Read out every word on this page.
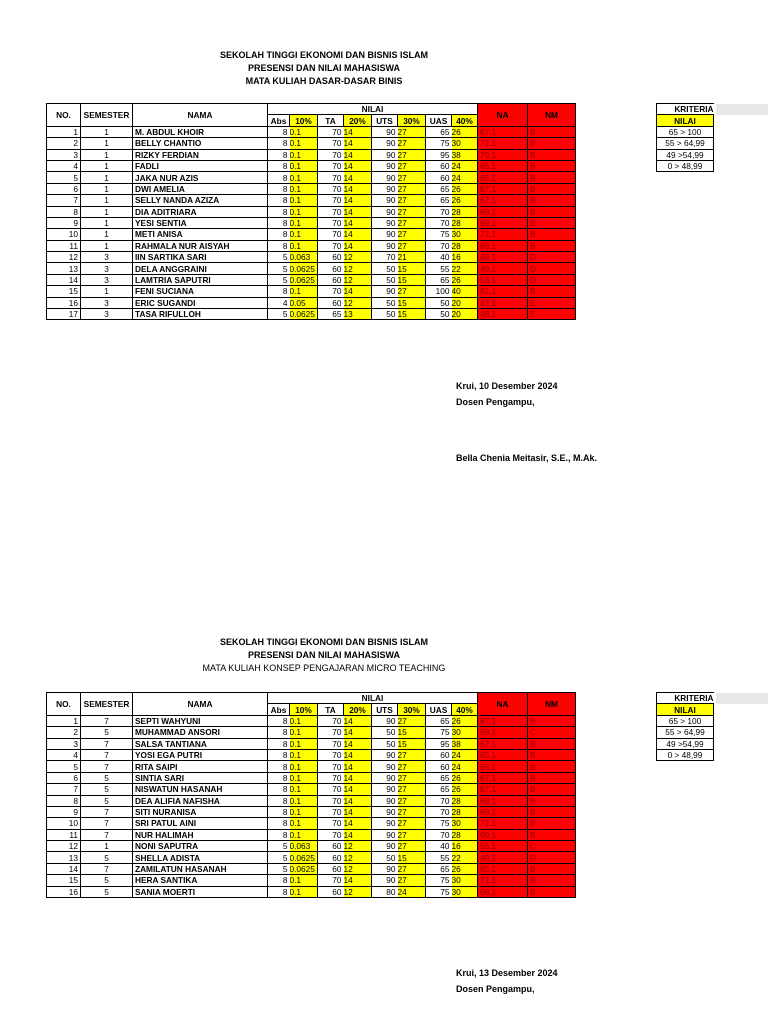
SEKOLAH TINGGI EKONOMI DAN BISNIS ISLAM
PRESENSI DAN NILAI MAHASISWA
MATA KULIAH DASAR-DASAR BINIS
NO.	SEMESTER	NAMA	NILAI								NA	NM
			Abs	10%	TA	20%	UTS	30%	UAS	40%		
1	1	M. ABDUL KHOIR	8	0.1	70	14	90	27	65	26	67.1	B
2	1	BELLY CHANTIO	8	0.1	70	14	90	27	75	30	71.1	B
3	1	RIZKY FERDIAN	8	0.1	70	14	90	27	95	38	79.1	B
4	1	FADLI	8	0.1	70	14	90	27	60	24	65.1	B
5	1	JAKA NUR AZIS	8	0.1	70	14	90	27	60	24	65.1	B
6	1	DWI AMELIA	8	0.1	70	14	90	27	65	26	67.1	B
7	1	SELLY NANDA AZIZA	8	0.1	70	14	90	27	65	26	67.1	B
8	1	DIA ADITRIARA	8	0.1	70	14	90	27	70	28	69.1	B
9	1	YESI SENTIA	8	0.1	70	14	90	27	70	28	69.1	B
10	1	METI ANISA	8	0.1	70	14	90	27	75	30	71.1	B
11	1	RAHMALA NUR AISYAH	8	0.1	70	14	90	27	70	28	69.1	B
12	3	IIN SARTIKA SARI	5	0.063	60	12	70	21	40	16	49.1	D
13	3	DELA ANGGRAINI	5	0.0625	60	12	50	15	55	22	49.1	D
14	3	LAMTRIA SAPUTRI	5	0.0625	60	12	50	15	65	26	53.1	D
15	1	FENI SUCIANA	8	0.1	70	14	90	27	100	40	81.1	B
16	3	ERIC SUGANDI	4	0.05	60	12	50	15	50	20	47.1	E
17	3	TASA RIFULLOH	5	0.0625	65	13	50	15	50	20	48.1	E
KRITERIA
NILAI
65 > 100
55 > 64,99
49 >54,99
0 > 48,99
Krui, 10 Desember 2024
Dosen Pengampu,
Bella Chenia Meitasir, S.E., M.Ak.
SEKOLAH TINGGI EKONOMI DAN BISNIS ISLAM
PRESENSI DAN NILAI MAHASISWA
MATA KULIAH KONSEP PENGAJARAN MICRO TEACHING
NO.	SEMESTER	NAMA	NILAI								NA	NM
			Abs	10%	TA	20%	UTS	30%	UAS	40%		
1	7	SEPTI WAHYUNI	8	0.1	70	14	90	27	65	26	67.1	B
2	5	MUHAMMAD ANSORI	8	0.1	70	14	50	15	75	30	59.1	C
3	7	SALSA TANTIANA	8	0.1	70	14	50	15	95	38	67.1	B
4	7	YOSI EGA PUTRI	8	0.1	70	14	90	27	60	24	65.1	B
5	7	RITA SAIPI	8	0.1	70	14	90	27	60	24	65.1	B
6	5	SINTIA SARI	8	0.1	70	14	90	27	65	26	67.1	B
7	5	NISWATUN HASANAH	8	0.1	70	14	90	27	65	26	67.1	B
8	5	DEA ALIFIA NAFISHA	8	0.1	70	14	90	27	70	28	69.1	B
9	7	SITI NURANISA	8	0.1	70	14	90	27	70	28	69.1	B
10	7	SRI PATUL AINI	8	0.1	70	14	90	27	75	30	71.1	B
11	7	NUR HALIMAH	8	0.1	70	14	90	27	70	28	69.1	B
12	1	NONI SAPUTRA	5	0.063	60	12	90	27	40	16	55.1	C
13	5	SHELLA ADISTA	5	0.0625	60	12	50	15	55	22	49.1	D
14	7	ZAMILATUN HASANAH	5	0.0625	60	12	90	27	65	26	65.1	B
15	5	HERA SANTIKA	8	0.1	70	14	90	27	75	30	71.1	B
16	5	SANIA MOERTI	8	0.1	60	12	80	24	75	30	66.1	B
KRITERIA
NILAI
65 > 100
55 > 64,99
49 >54,99
0 > 48,99
Krui, 13 Desember 2024
Dosen Pengampu,
